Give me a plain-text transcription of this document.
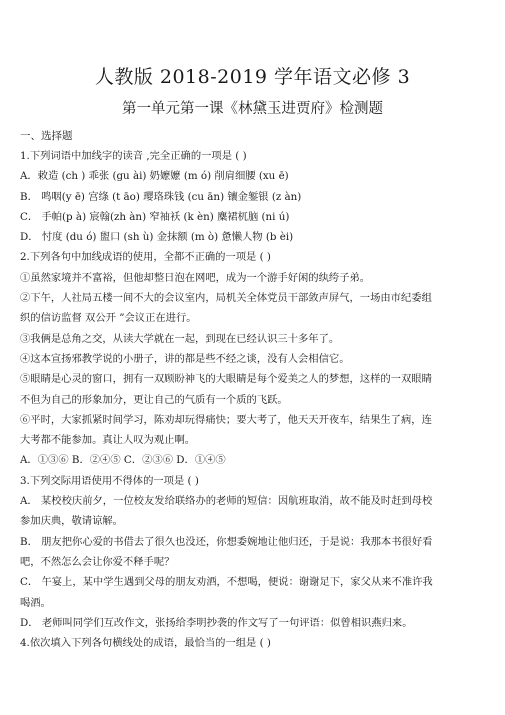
人教版 2018-2019 学年语文必修 3
第一单元第一课《林黛玉进贾府》检测题
一、选择题
1.下列词语中加线字的读音 ,完全正确的一项是 ( )
A．敕造 (ch ) 乖张 (gu ài) 奶嬷嬷 (m ó) 削肩细腰 (xu ē)
B． 鸣咽(y ē) 宫绦 (t āo) 璎珞珠钱 (cu ān) 镶金錾银 (z àn)
C． 手帕(p à) 宸翰(zh àn) 窄袖袄 (k èn) 麋裙杌脑 (ni ú)
D． 忖度 (du ó) 盥口 (sh ù) 金抹额 (m ò) 惫懒人物 (b èi)
2.下列各句中加线成语的使用，全都不正确的一项是 ( )
①虽然家境并不富裕，但他却整日泡在网吧，成为一个游手好闲的纨绔子弟。
②下午，人社局五楼一间不大的会议室内，局机关全体党员干部敛声屏气，一场由市纪委组
织的信访监督 双公开 ”会议正在进行。
③我俩是总角之交，从读大学就在一起，到现在已经认识三十多年了。
④这本宣扬邪教学说的小册子，讲的都是些不经之谈，没有人会相信它。
⑤眼睛是心灵的窗口，拥有一双顾盼神飞的大眼睛是每个爱美之人的梦想，这样的一双眼睛
不但为自己的形象加分，更让自己的气质有一个质的飞跃。
⑥平时，大家抓紧时间学习，陈劝却玩得痛快；要大考了，他天天开夜车，结果生了病，连
大考都不能参加。真让人叹为观止啊。
A．①③⑥ B．②④⑤ C．②③⑥ D．①④⑤
3.下列交际用语使用不得体的一项是 ( )
A． 某校校庆前夕，一位校友发给联络办的老师的短信：因航班取消，故不能及时赶到母校
参加庆典，敬请谅解。
B． 朋友把你心爱的书借去了很久也没还，你想委婉地让他归还，于是说：我那本书很好看
吧，不然怎么会让你爱不释手呢？
C． 午宴上，某中学生遇到父母的朋友劝酒，不想喝，便说：谢谢足下，家父从来不准许我
喝酒。
D． 老师叫同学们互改作文，张扬给李明抄袭的作文写了一句评语：似曾相识燕归来。
4.依次填入下列各句横线处的成语，最恰当的一组是 ( )
